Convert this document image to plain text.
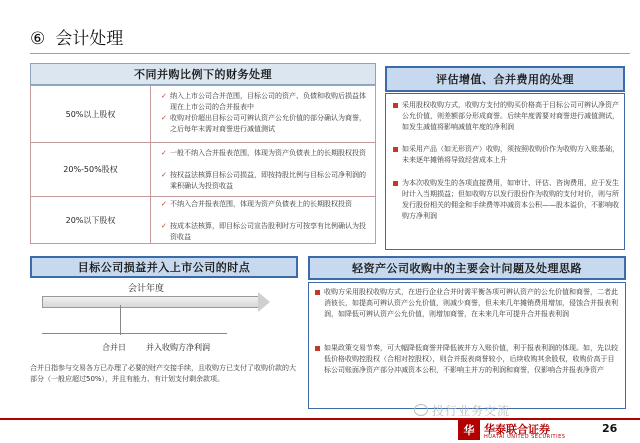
⑥ 会计处理
不同并购比例下的财务处理
50%以上股权
✓ 纳入上市公司合并范围，目标公司的资产、负债和收购后损益体现在上市公司的合并报表中
✓ 收购对价超出目标公司可辨认资产公允价值的部分确认为商誉，之后每年末需对商誉进行减值测试
20%-50%股权
✓ 一般不纳入合并报表范围，体现为资产负债表上的长期股权投资
✓ 按权益法核算目标公司损益，即按持股比例与目标公司净利润的乘积确认为投资收益
20%以下股权
✓ 不纳入合并报表范围，体现为资产负债表上的长期股权投资
✓ 按成本法核算，即目标公司宣告股利时方可按享有比例确认为投资收益
评估增值、合并费用的处理
采用股权收购方式，收购方支付的购买价格高于目标公司可辨认净资产公允价值，则差额部分形成商誉。后续年度需要对商誉进行减值测试，如发生减值将影响减值年度的净利润
如采用产品（如无形资产）收购，须按照收购价作为收购方入账基础，未来逐年摊销将导致经营成本上升
为本次收购发生的各项直接费用，如审计、评估、咨询费用，应于发生时计入当期损益；但如收购方以发行股份作为收购的支付对价，则与所发行股份相关的佣金和手续费等冲减资本公积——股本溢价，不影响收购方净利润
目标公司损益并入上市公司的时点
会计年度
合并日	并入收购方净利润
合并日指参与交易各方已办理了必要的财产交接手续，且收购方已支付了收购价款的大部分（一般应超过50%），并且有能力、有计划支付剩余款项。
轻资产公司收购中的主要会计问题及处理思路
收购方采用股权收购方式，在进行企业合并时需平衡各项可辨认资产的公允价值和商誉，二者此消彼长，如提高可辨认资产公允价值，则减少商誉，但未来几年摊销费用增加，侵蚀合并报表利润，如降低可辨认资产公允价值，则增加商誉，在未来几年可提升合并报表利润
如果政策交易节奏，可大幅降低商誉并降低被并方入账价值，利于报表利润的体现。如，先以较低价格收购控股权（合相对控股权），则合并报表商誉较小，后续收购其余股权，收购价高于目标公司账面净资产部分冲减资本公积，不影响主并方的利润和商誉，仅影响合并报表净资产
投行业务交流
华 华泰联合证券
HUATAI UNITED SECURITIES
26
